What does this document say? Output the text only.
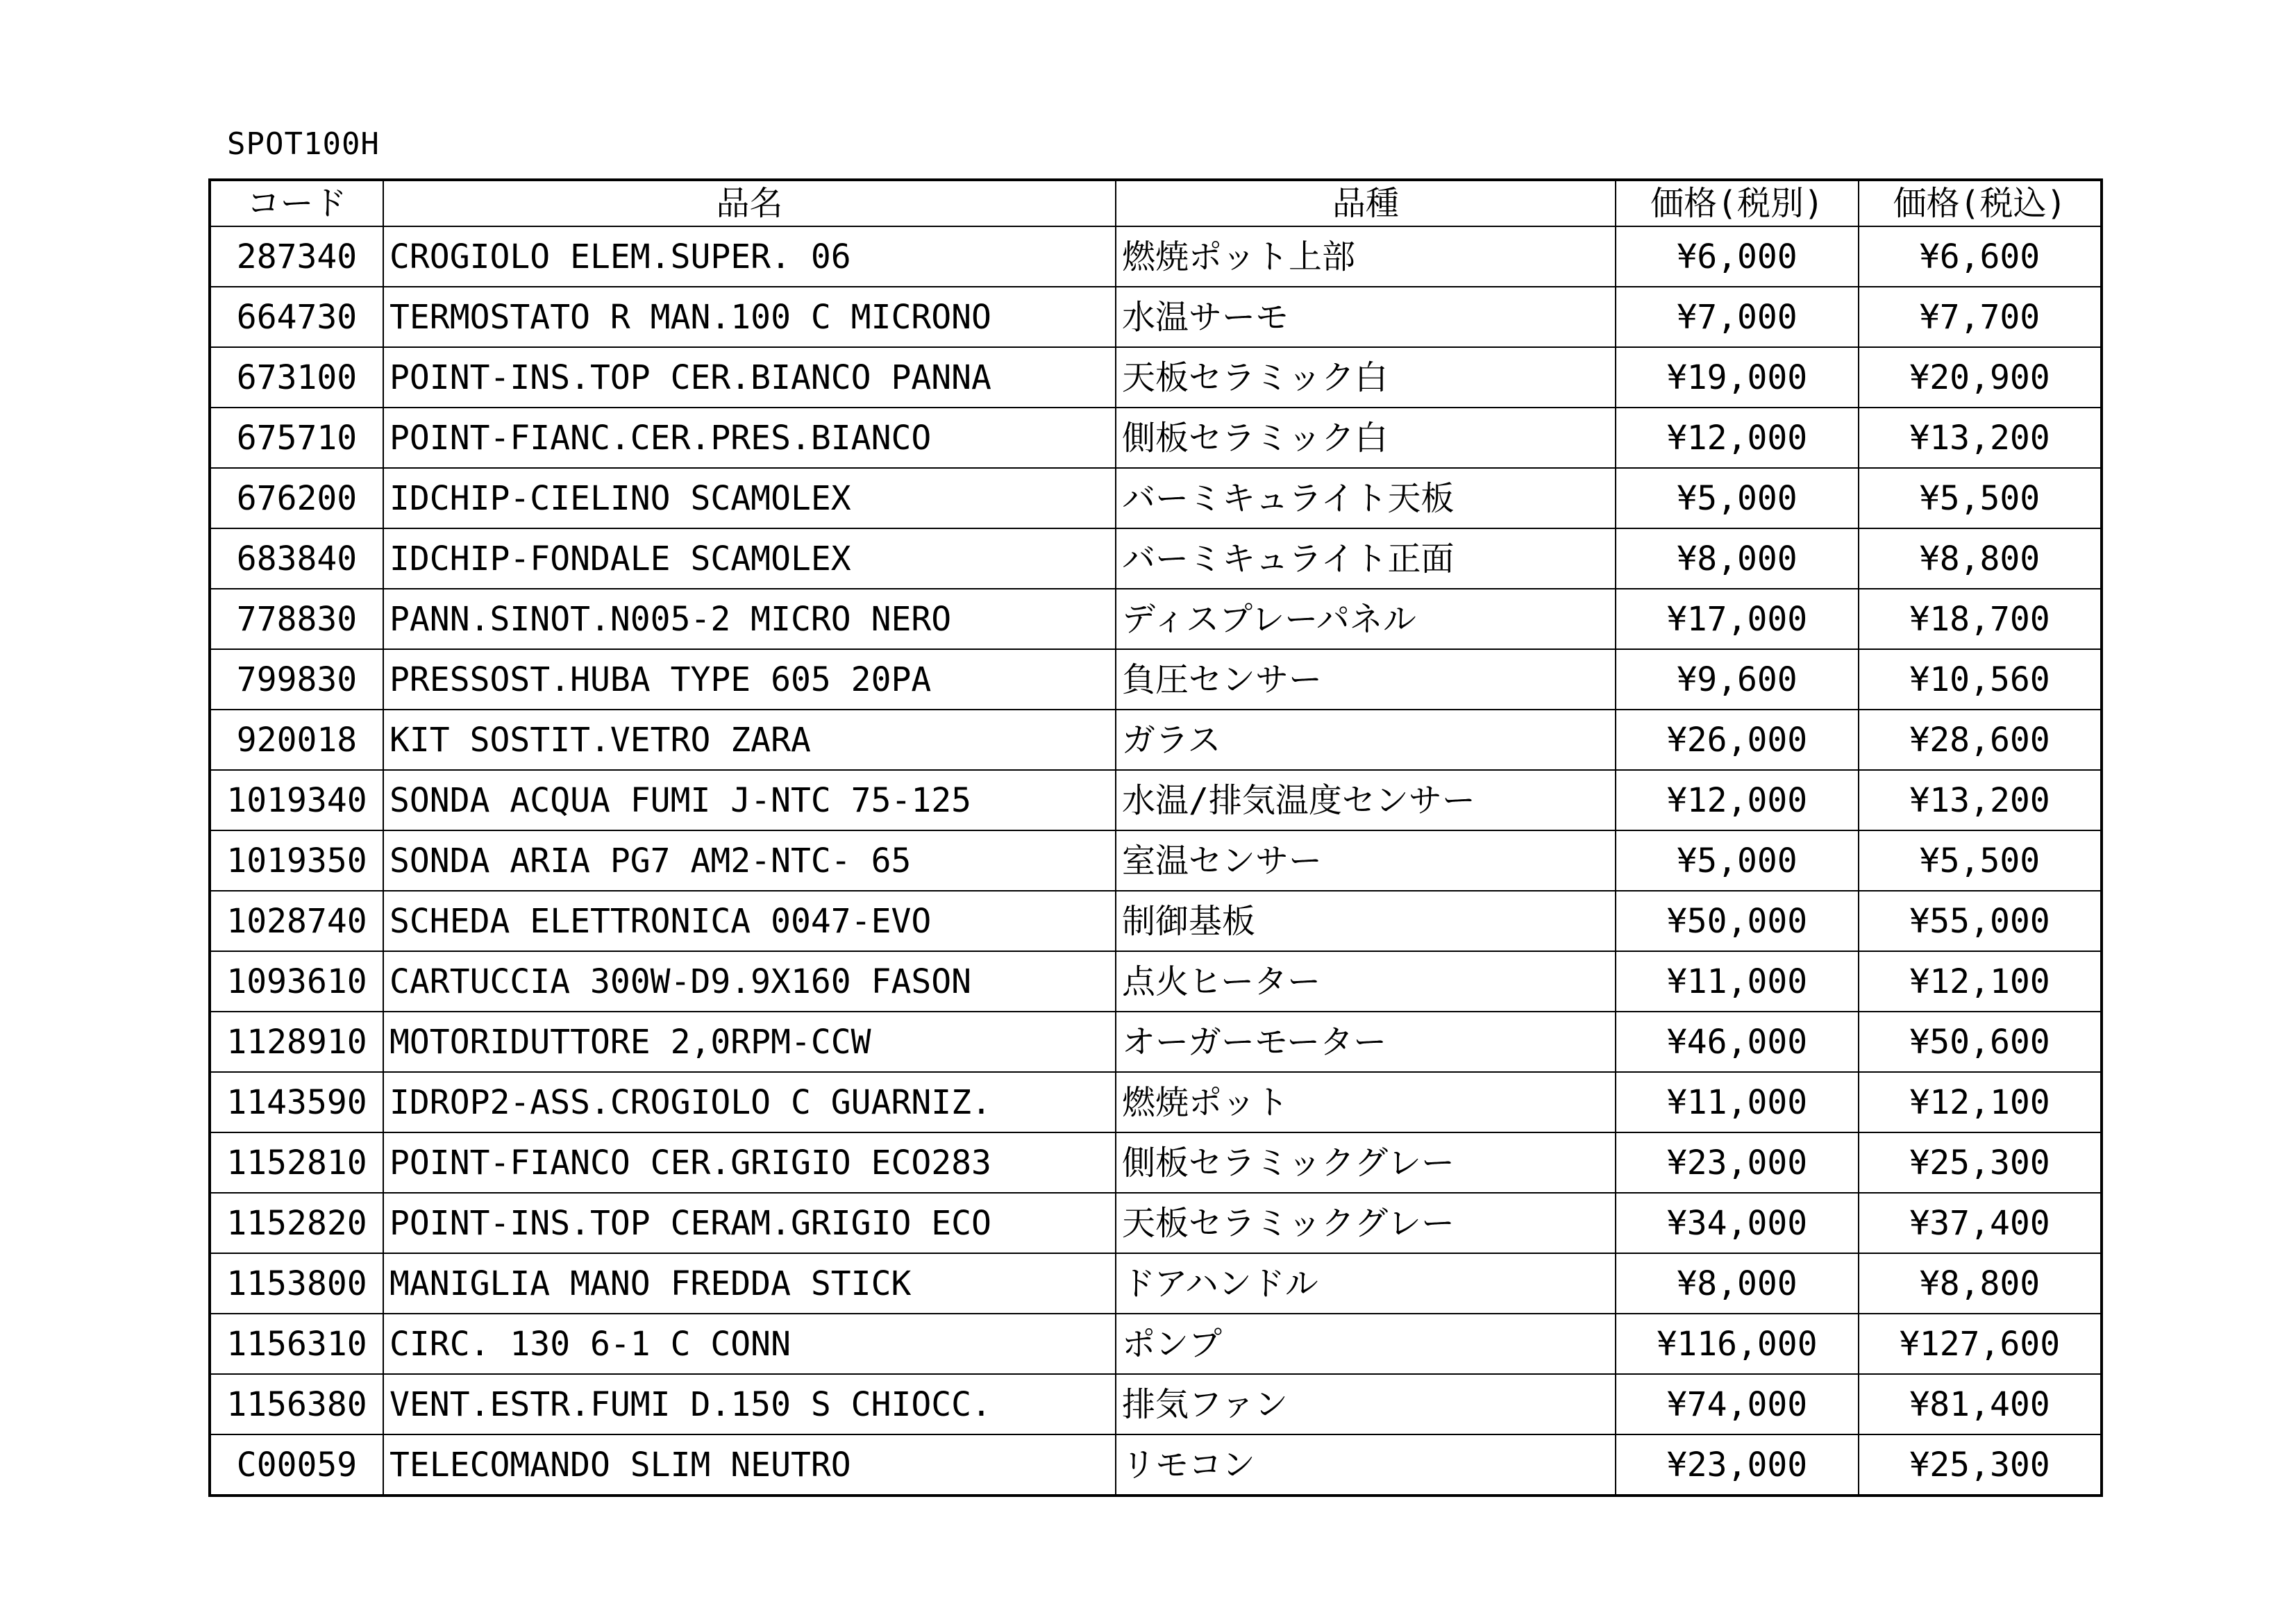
SPOT100H
コード	品名	品種	価格(税別)	価格(税込)
287340	CROGIOLO ELEM.SUPER. 06	燃焼ポット上部	¥6,000	¥6,600
664730	TERMOSTATO R MAN.100 C MICRONO	水温サーモ	¥7,000	¥7,700
673100	POINT-INS.TOP CER.BIANCO PANNA	天板セラミック白	¥19,000	¥20,900
675710	POINT-FIANC.CER.PRES.BIANCO	側板セラミック白	¥12,000	¥13,200
676200	IDCHIP-CIELINO SCAMOLEX	バーミキュライト天板	¥5,000	¥5,500
683840	IDCHIP-FONDALE SCAMOLEX	バーミキュライト正面	¥8,000	¥8,800
778830	PANN.SINOT.N005-2 MICRO NERO	ディスプレーパネル	¥17,000	¥18,700
799830	PRESSOST.HUBA TYPE 605 20PA	負圧センサー	¥9,600	¥10,560
920018	KIT SOSTIT.VETRO ZARA	ガラス	¥26,000	¥28,600
1019340	SONDA ACQUA FUMI J-NTC 75-125	水温/排気温度センサー	¥12,000	¥13,200
1019350	SONDA ARIA PG7 AM2-NTC- 65	室温センサー	¥5,000	¥5,500
1028740	SCHEDA ELETTRONICA 0047-EVO	制御基板	¥50,000	¥55,000
1093610	CARTUCCIA 300W-D9.9X160 FASON	点火ヒーター	¥11,000	¥12,100
1128910	MOTORIDUTTORE 2,0RPM-CCW	オーガーモーター	¥46,000	¥50,600
1143590	IDROP2-ASS.CROGIOLO C GUARNIZ.	燃焼ポット	¥11,000	¥12,100
1152810	POINT-FIANCO CER.GRIGIO ECO283	側板セラミックグレー	¥23,000	¥25,300
1152820	POINT-INS.TOP CERAM.GRIGIO ECO	天板セラミックグレー	¥34,000	¥37,400
1153800	MANIGLIA MANO FREDDA STICK	ドアハンドル	¥8,000	¥8,800
1156310	CIRC. 130 6-1 C CONN	ポンプ	¥116,000	¥127,600
1156380	VENT.ESTR.FUMI D.150 S CHIOCC.	排気ファン	¥74,000	¥81,400
C00059	TELECOMANDO SLIM NEUTRO	リモコン	¥23,000	¥25,300
